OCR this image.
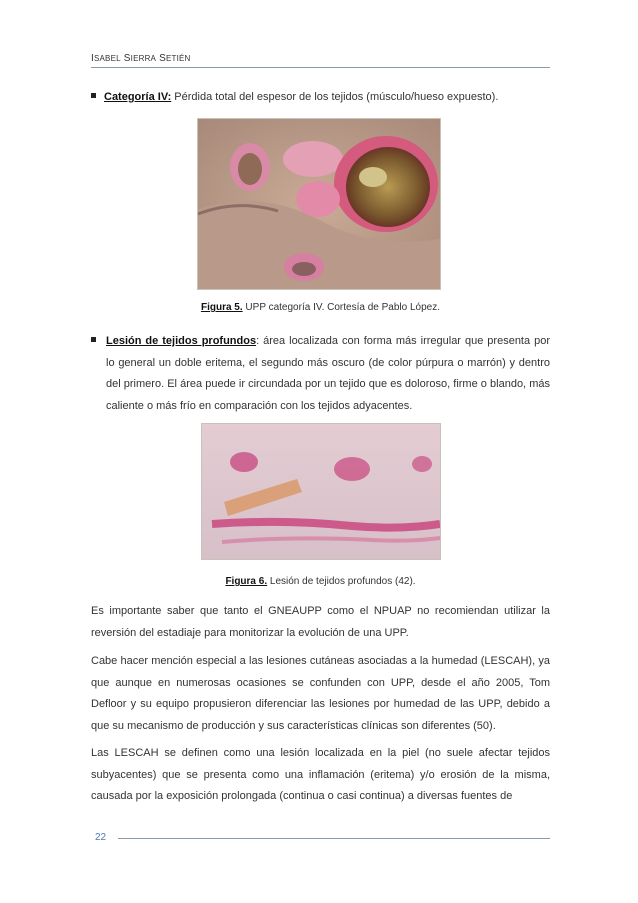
ISABEL SIERRA SETIÉN
Categoría IV: Pérdida total del espesor de los tejidos (músculo/hueso expuesto).
Figura 5. UPP categoría IV. Cortesía de Pablo López.

Lesión de tejidos profundos: área localizada con forma más irregular que presenta por lo general un doble eritema, el segundo más oscuro (de color púrpura o marrón) y dentro del primero. El área puede ir circundada por un tejido que es doloroso, firme o blando, más caliente o más frío en comparación con los tejidos adyacentes.

Figura 6. Lesión de tejidos profundos (42).

Es importante saber que tanto el GNEAUPP como el NPUAP no recomiendan utilizar la reversión del estadiaje para monitorizar la evolución de una UPP.

Cabe hacer mención especial a las lesiones cutáneas asociadas a la humedad (LESCAH), ya que aunque en numerosas ocasiones se confunden con UPP, desde el año 2005, Tom Defloor y su equipo propusieron diferenciar las lesiones por humedad de las UPP, debido a que su mecanismo de producción y sus características clínicas son diferentes (50).

Las LESCAH se definen como una lesión localizada en la piel (no suele afectar tejidos subyacentes) que se presenta como una inflamación (eritema) y/o erosión de la misma, causada por la exposición prolongada (continua o casi continua) a diversas fuentes de

22
